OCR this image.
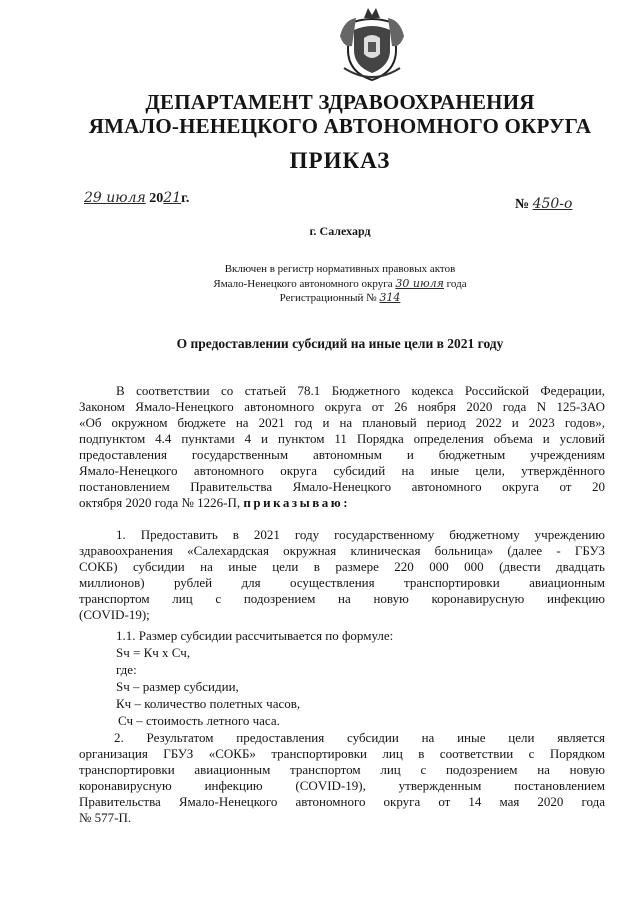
ДЕПАРТАМЕНТ ЗДРАВООХРАНЕНИЯ
ЯМАЛО-НЕНЕЦКОГО АВТОНОМНОГО ОКРУГА
ПРИКАЗ
29 июля 2021г.	№ 450-о
г. Салехард
Включен в регистр нормативных правовых актов
Ямало-Ненецкого автономного округа 30 июля года
Регистрационный № 314
О предоставлении субсидий на иные цели в 2021 году
В соответствии со статьей 78.1 Бюджетного кодекса Российской Федерации,
Законом Ямало-Ненецкого автономного округа от 26 ноября 2020 года N 125-ЗАО
«Об окружном бюджете на 2021 год и на плановый период 2022 и 2023 годов»,
подпунктом 4.4 пунктами 4 и пунктом 11 Порядка определения объема и условий
предоставления государственным автономным и бюджетным учреждениям
Ямало-Ненецкого автономного округа субсидий на иные цели, утверждённого
постановлением Правительства Ямало-Ненецкого автономного округа от 20
октября 2020 года № 1226-П, приказываю:
1. Предоставить в 2021 году государственному бюджетному учреждению
здравоохранения «Салехардская окружная клиническая больница» (далее - ГБУЗ
СОКБ) субсидии на иные цели в размере 220 000 000 (двести двадцать
миллионов) рублей для осуществления транспортировки авиационным
транспортом лиц с подозрением на новую коронавирусную инфекцию
(COVID-19);
1.1. Размер субсидии рассчитывается по формуле:
Sч = Кч х Сч,
где:
Sч – размер субсидии,
Кч – количество полетных часов,
Сч – стоимость летного часа.
2. Результатом предоставления субсидии на иные цели является
организация ГБУЗ «СОКБ» транспортировки лиц в соответствии с Порядком
транспортировки авиационным транспортом лиц с подозрением на новую
коронавирусную инфекцию (COVID-19), утвержденным постановлением
Правительства Ямало-Ненецкого автономного округа от 14 мая 2020 года
№ 577-П.
